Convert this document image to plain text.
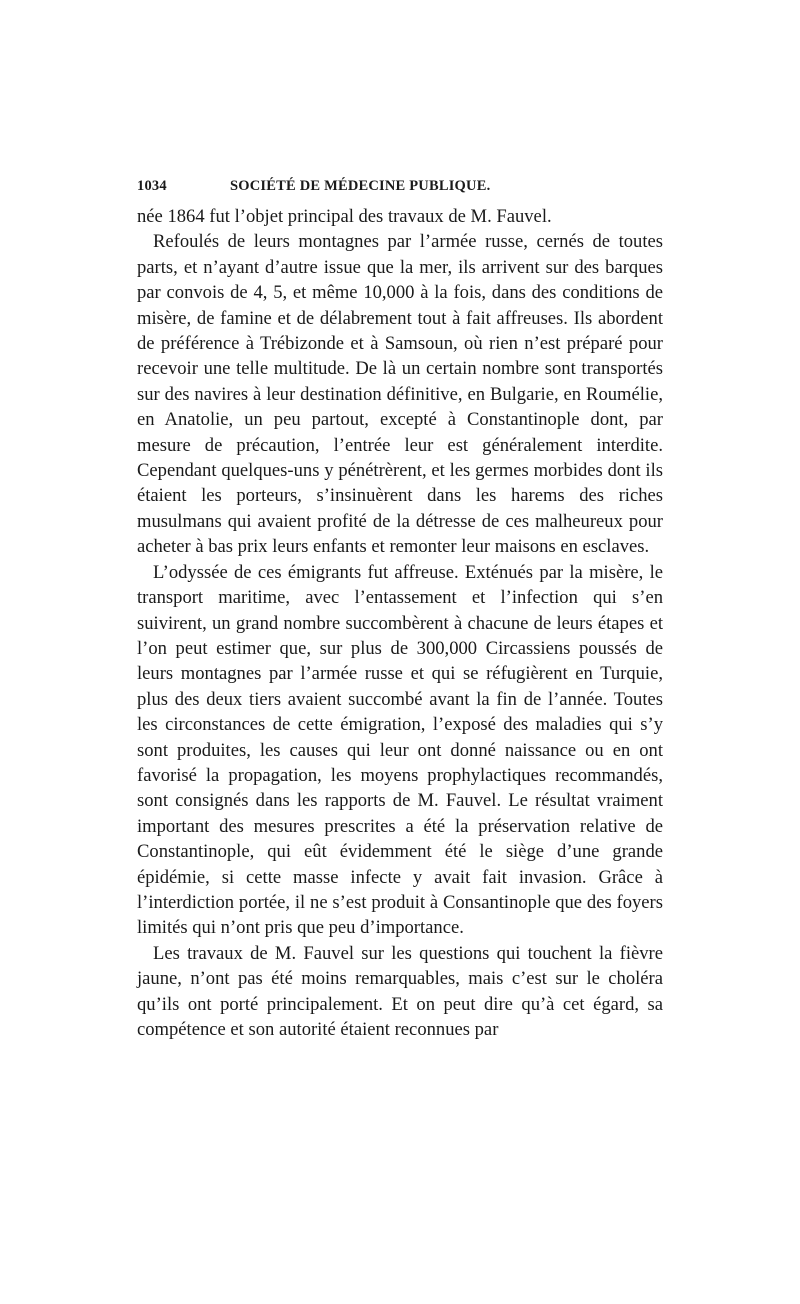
1034	SOCIÉTÉ DE MÉDECINE PUBLIQUE.

née 1864 fut l’objet principal des travaux de M. Fauvel.

Refoulés de leurs montagnes par l’armée russe, cernés de toutes parts, et n’ayant d’autre issue que la mer, ils arrivent sur des barques par convois de 4, 5, et même 10,000 à la fois, dans des conditions de misère, de famine et de délabrement tout à fait affreuses. Ils abordent de préférence à Trébizonde et à Samsoun, où rien n’est préparé pour recevoir une telle multitude. De là un certain nombre sont transportés sur des navires à leur destination définitive, en Bulgarie, en Roumélie, en Anatolie, un peu partout, excepté à Constantinople dont, par mesure de précaution, l’entrée leur est généralement interdite. Cependant quelques-uns y pénétrèrent, et les germes morbides dont ils étaient les porteurs, s’insinuèrent dans les harems des riches musulmans qui avaient profité de la détresse de ces malheureux pour acheter à bas prix leurs enfants et remonter leur maisons en esclaves.

L’odyssée de ces émigrants fut affreuse. Exténués par la misère, le transport maritime, avec l’entassement et l’infection qui s’en suivirent, un grand nombre succombèrent à chacune de leurs étapes et l’on peut estimer que, sur plus de 300,000 Circassiens poussés de leurs montagnes par l’armée russe et qui se réfugièrent en Turquie, plus des deux tiers avaient succombé avant la fin de l’année. Toutes les circonstances de cette émigration, l’exposé des maladies qui s’y sont produites, les causes qui leur ont donné naissance ou en ont favorisé la propagation, les moyens prophylactiques recommandés, sont consignés dans les rapports de M. Fauvel. Le résultat vraiment important des mesures prescrites a été la préservation relative de Constantinople, qui eût évidemment été le siège d’une grande épidémie, si cette masse infecte y avait fait invasion. Grâce à l’interdiction portée, il ne s’est produit à Consantinople que des foyers limités qui n’ont pris que peu d’importance.

Les travaux de M. Fauvel sur les questions qui touchent la fièvre jaune, n’ont pas été moins remarquables, mais c’est sur le choléra qu’ils ont porté principalement. Et on peut dire qu’à cet égard, sa compétence et son autorité étaient reconnues par
